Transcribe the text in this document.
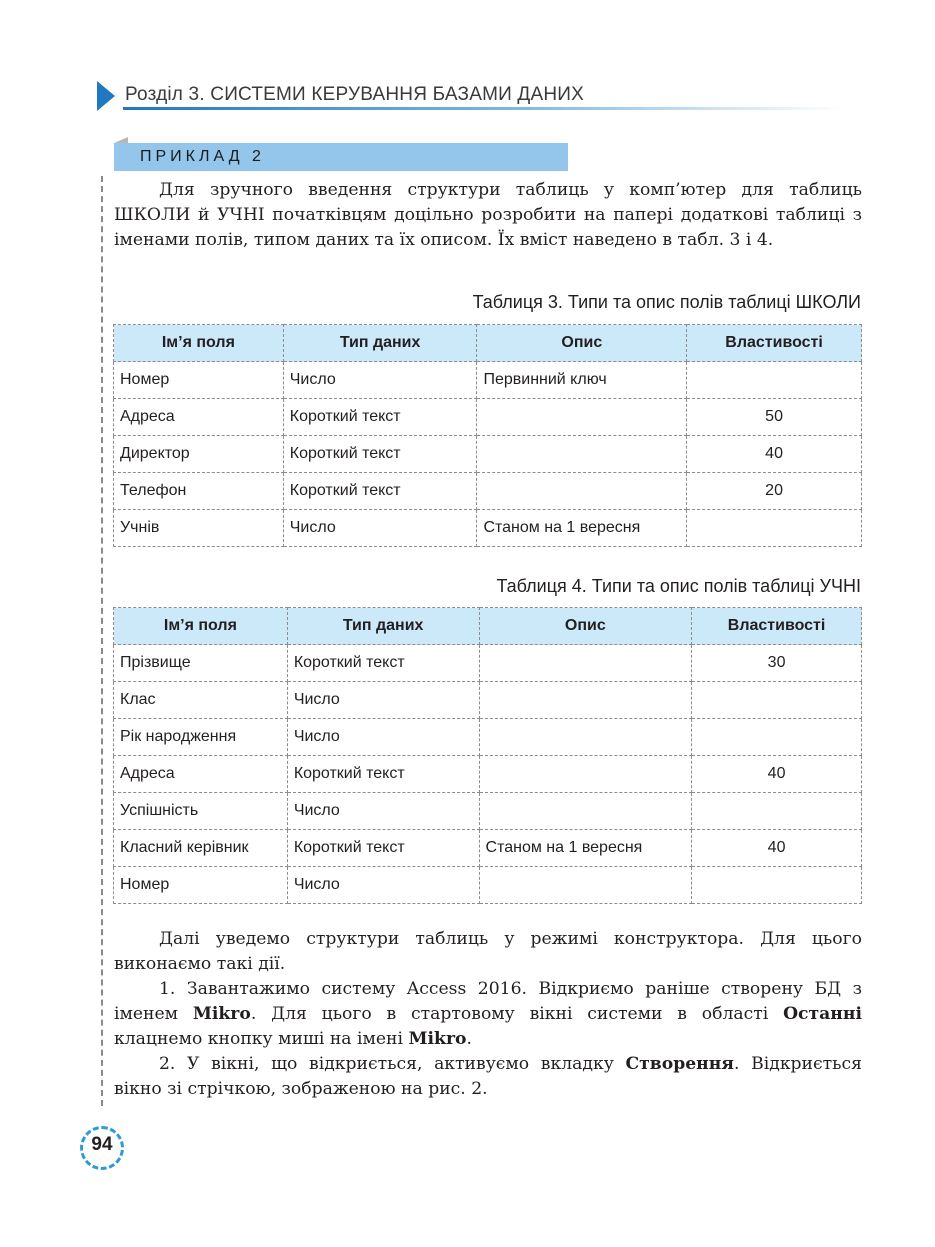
Розділ 3. СИСТЕМИ КЕРУВАННЯ БАЗАМИ ДАНИХ
ПРИКЛАД 2

Для зручного введення структури таблиць у комп’ютер для таблиць ШКОЛИ й УЧНІ початківцям доцільно розробити на папері додаткові таблиці з іменами полів, типом даних та їх описом. Їх вміст наведено в табл. 3 і 4.

Таблиця 3. Типи та опис полів таблиці ШКОЛИ
Ім’я поля	Тип даних	Опис	Властивості
Номер	Число	Первинний ключ	
Адреса	Короткий текст		50
Директор	Короткий текст		40
Телефон	Короткий текст		20
Учнів	Число	Станом на 1 вересня	
Таблиця 4. Типи та опис полів таблиці УЧНІ
Ім’я поля	Тип даних	Опис	Властивості
Прізвище	Короткий текст		30
Клас	Число		
Рік народження	Число		
Адреса	Короткий текст		40
Успішність	Число		
Класний керівник	Короткий текст	Станом на 1 вересня	40
Номер	Число		

Далі уведемо структури таблиць у режимі конструктора. Для цього виконаємо такі дії.

1. Завантажимо систему Access 2016. Відкриємо раніше створену БД з іменем Mikro. Для цього в стартовому вікні системи в області Останні клацнемо кнопку миші на імені Mikro.

2. У вікні, що відкриється, активуємо вкладку Створення. Відкриється вікно зі стрічкою, зображеною на рис. 2.

94
